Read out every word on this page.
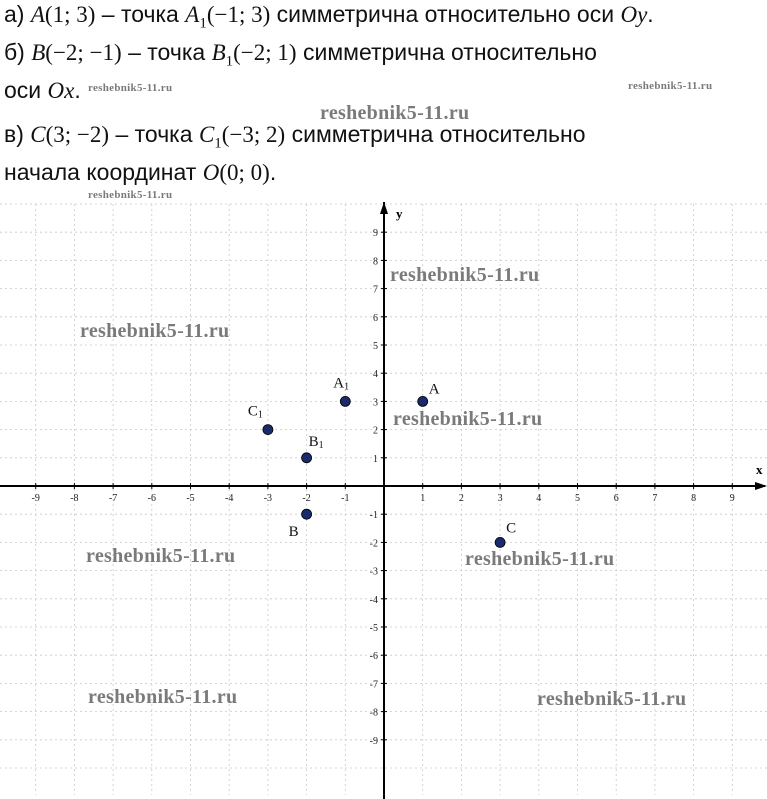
а) A(1; 3) – точка $A_1(-1$; 3) симметрична относительно оси Oy.
б) B(−2; −1) – точка $B_1(-2$; 1) симметрична относительно
оси Ox.
в) C(3; −2) – точка $C_1(-3$; 2) симметрична относительно
начала координат O(0; 0).
x
y
-9	-8	-7	-6	-5	-4	-3	-2	-1	1	2	3	4	5	6	7	8	9
9
8
7
6
5
4
3
2
1
-1
-2
-3
-4
-5
-6
-7
-8
-9
A
A1
B
B1
C
C1
reshebnik5-11.ru	reshebnik5-11.ru
reshebnik5-11.ru
reshebnik5-11.ru
reshebnik5-11.ru
reshebnik5-11.ru
reshebnik5-11.ru
reshebnik5-11.ru	reshebnik5-11.ru
reshebnik5-11.ru	reshebnik5-11.ru
